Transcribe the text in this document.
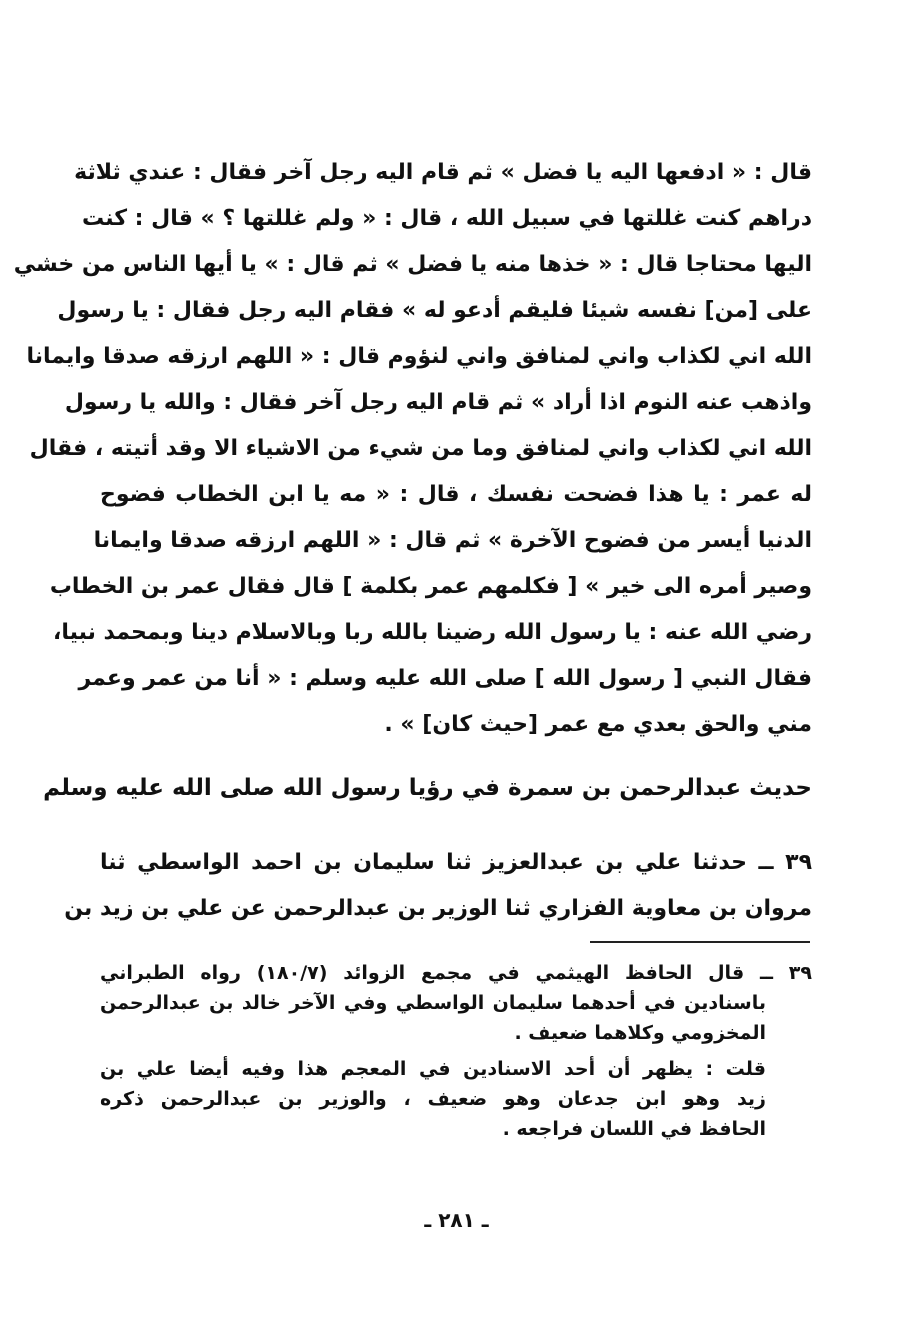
قال : « ادفعها اليه يا فضل » ثم قام اليه رجل آخر فقال : عندي ثلاثة
دراهم كنت غللتها في سبيل الله ، قال : « ولم غللتها ؟ » قال : كنت
اليها محتاجا قال : « خذها منه يا فضل » ثم قال : » يا أيها الناس من خشي
على [من] نفسه شيئا فليقم أدعو له » فقام اليه رجل فقال : يا رسول
الله اني لكذاب واني لمنافق واني لنؤوم قال : « اللهم ارزقه صدقا وايمانا
واذهب عنه النوم اذا أراد » ثم قام اليه رجل آخر فقال : والله يا رسول
الله اني لكذاب واني لمنافق وما من شيء من الاشياء الا وقد أتيته ، فقال
له عمر : يا هذا فضحت نفسك ، قال : « مه يا ابن الخطاب فضوح
الدنيا أيسر من فضوح الآخرة » ثم قال : « اللهم ارزقه صدقا وايمانا
وصير أمره الى خير » [ فكلمهم عمر بكلمة ] قال فقال عمر بن الخطاب
رضي الله عنه : يا رسول الله رضينا بالله ربا وبالاسلام دينا وبمحمد نبيا،
فقال النبي [ رسول الله ] صلى الله عليه وسلم : « أنا من عمر وعمر
مني والحق بعدي مع عمر [حيث كان] » .
حديث عبدالرحمن بن سمرة في رؤيا رسول الله صلى الله عليه وسلم
٣٩ ــ حدثنا علي بن عبدالعزيز ثنا سليمان بن احمد الواسطي ثنا
مروان بن معاوية الفزاري ثنا الوزير بن عبدالرحمن عن علي بن زيد بن
٣٩ ــ قال الحافظ الهيثمي في مجمع الزوائد (١٨٠/٧) رواه الطبراني
باسنادين في أحدهما سليمان الواسطي وفي الآخر خالد بن عبدالرحمن
المخزومي وكلاهما ضعيف .
قلت : يظهر أن أحد الاسنادين في المعجم هذا وفيه أيضا علي بن
زيد وهو ابن جدعان وهو ضعيف ، والوزير بن عبدالرحمن ذكره
الحافظ في اللسان فراجعه .
ـ ٢٨١ ـ
